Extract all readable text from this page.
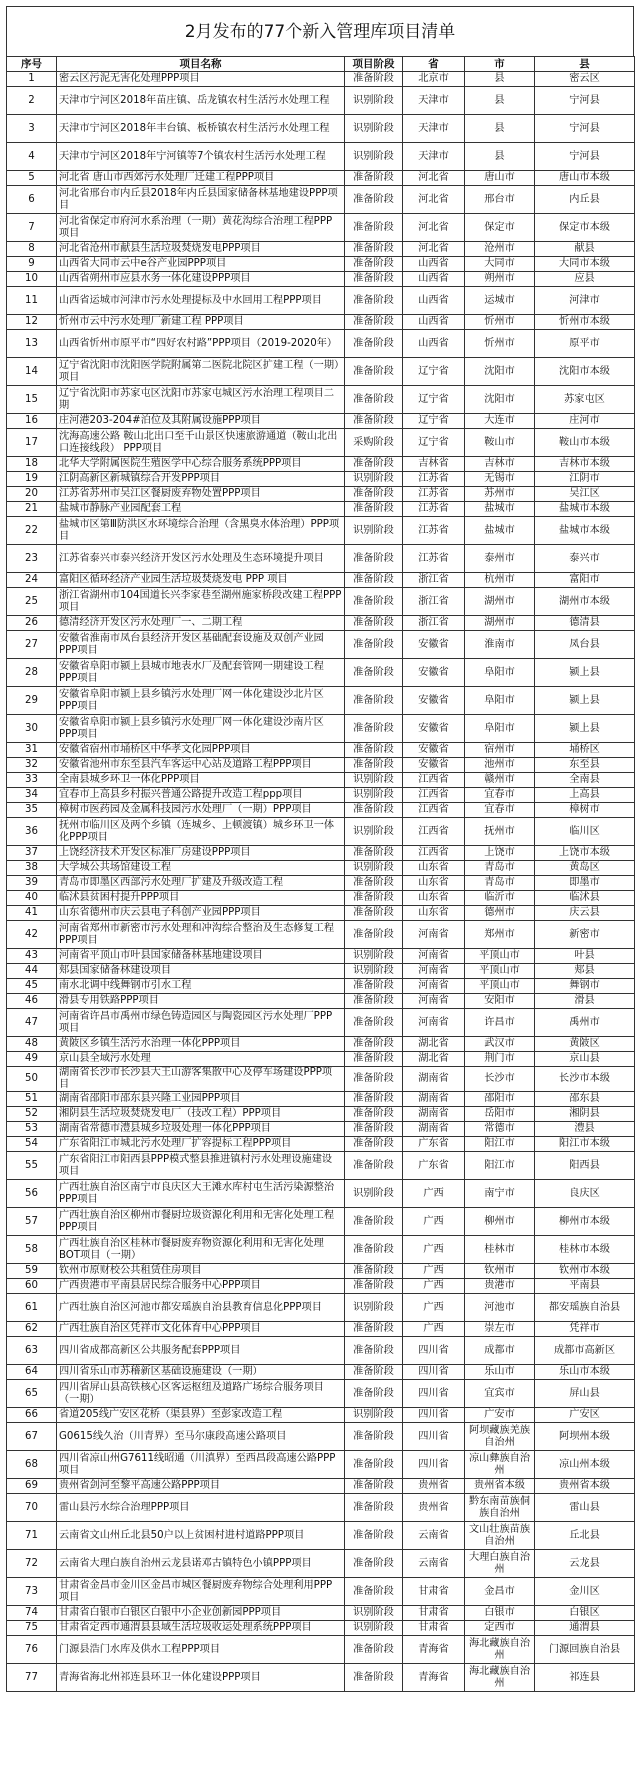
2月发布的77个新入管理库项目清单
序号	项目名称	项目阶段	省	市	县
1	密云区污泥无害化处理PPP项目	准备阶段	北京市	县	密云区
2	天津市宁河区2018年苗庄镇、岳龙镇农村生活污水处理工程	识别阶段	天津市	县	宁河县
3	天津市宁河区2018年丰台镇、板桥镇农村生活污水处理工程	识别阶段	天津市	县	宁河县
4	天津市宁河区2018年宁河镇等7个镇农村生活污水处理工程	识别阶段	天津市	县	宁河县
5	河北省 唐山市西郊污水处理厂迁建工程PPP项目	准备阶段	河北省	唐山市	唐山市本级
6	河北省邢台市内丘县2018年内丘县国家储备林基地建设PPP项目	准备阶段	河北省	邢台市	内丘县
7	河北省保定市府河水系治理（一期）黄花沟综合治理工程PPP项目	准备阶段	河北省	保定市	保定市本级
8	河北省沧州市献县生活垃圾焚烧发电PPP项目	准备阶段	河北省	沧州市	献县
9	山西省大同市云中e谷产业园PPP项目	准备阶段	山西省	大同市	大同市本级
10	山西省朔州市应县水务一体化建设PPP项目	准备阶段	山西省	朔州市	应县
11	山西省运城市河津市污水处理提标及中水回用工程PPP项目	准备阶段	山西省	运城市	河津市
12	忻州市云中污水处理厂新建工程 PPP项目	准备阶段	山西省	忻州市	忻州市本级
13	山西省忻州市原平市“四好农村路”PPP项目（2019-2020年）	准备阶段	山西省	忻州市	原平市
14	辽宁省沈阳市沈阳医学院附属第二医院北院区扩建工程（一期）项目	准备阶段	辽宁省	沈阳市	沈阳市本级
15	辽宁省沈阳市苏家屯区沈阳市苏家屯城区污水治理工程项目二期	准备阶段	辽宁省	沈阳市	苏家屯区
16	庄河港203-204#泊位及其附属设施PPP项目	准备阶段	辽宁省	大连市	庄河市
17	沈海高速公路 鞍山北出口至千山景区快速旅游通道（鞍山北出口连接线段） PPP项目	采购阶段	辽宁省	鞍山市	鞍山市本级
18	北华大学附属医院生殖医学中心综合服务系统PPP项目	准备阶段	吉林省	吉林市	吉林市本级
19	江阴高新区新城镇综合开发PPP项目	识别阶段	江苏省	无锡市	江阴市
20	江苏省苏州市吴江区餐厨废弃物处置PPP项目	准备阶段	江苏省	苏州市	吴江区
21	盐城市静脉产业园配套工程	准备阶段	江苏省	盐城市	盐城市本级
22	盐城市区第Ⅲ防洪区水环境综合治理（含黑臭水体治理）PPP项目	识别阶段	江苏省	盐城市	盐城市本级
23	江苏省泰兴市泰兴经济开发区污水处理及生态环境提升项目	准备阶段	江苏省	泰州市	泰兴市
24	富阳区循环经济产业园生活垃圾焚烧发电 PPP 项目	准备阶段	浙江省	杭州市	富阳市
25	浙江省湖州市104国道长兴李家巷至湖州施家桥段改建工程PPP项目	准备阶段	浙江省	湖州市	湖州市本级
26	德清经济开发区污水处理厂一、二期工程	准备阶段	浙江省	湖州市	德清县
27	安徽省淮南市凤台县经济开发区基础配套设施及双创产业园PPP项目	准备阶段	安徽省	淮南市	凤台县
28	安徽省阜阳市颍上县城市地表水厂及配套管网一期建设工程PPP项目	准备阶段	安徽省	阜阳市	颍上县
29	安徽省阜阳市颍上县乡镇污水处理厂网一体化建设沙北片区PPP项目	准备阶段	安徽省	阜阳市	颍上县
30	安徽省阜阳市颍上县乡镇污水处理厂网一体化建设沙南片区PPP项目	准备阶段	安徽省	阜阳市	颍上县
31	安徽省宿州市埇桥区中华孝文化园PPP项目	准备阶段	安徽省	宿州市	埇桥区
32	安徽省池州市东至县汽车客运中心站及道路工程PPP项目	准备阶段	安徽省	池州市	东至县
33	全南县城乡环卫一体化PPP项目	识别阶段	江西省	赣州市	全南县
34	宜春市上高县乡村振兴普通公路提升改造工程ppp项目	识别阶段	江西省	宜春市	上高县
35	樟树市医药园及金属科技园污水处理厂（一期）PPP项目	准备阶段	江西省	宜春市	樟树市
36	抚州市临川区及两个乡镇（连城乡、上顿渡镇）城乡环卫一体化PPP项目	识别阶段	江西省	抚州市	临川区
37	上饶经济技术开发区标准厂房建设PPP项目	准备阶段	江西省	上饶市	上饶市本级
38	大学城公共场馆建设工程	识别阶段	山东省	青岛市	黄岛区
39	青岛市即墨区西部污水处理厂扩建及升级改造工程	准备阶段	山东省	青岛市	即墨市
40	临沭县贫困村提升PPP项目	准备阶段	山东省	临沂市	临沭县
41	山东省德州市庆云县电子科创产业园PPP项目	准备阶段	山东省	德州市	庆云县
42	河南省郑州市新密市污水处理和冲沟综合整治及生态修复工程PPP项目	准备阶段	河南省	郑州市	新密市
43	河南省平顶山市叶县国家储备林基地建设项目	识别阶段	河南省	平顶山市	叶县
44	郏县国家储备林建设项目	识别阶段	河南省	平顶山市	郏县
45	南水北调中线舞钢市引水工程	准备阶段	河南省	平顶山市	舞钢市
46	滑县专用铁路PPP项目	准备阶段	河南省	安阳市	滑县
47	河南省许昌市禹州市绿色铸造园区与陶瓷园区污水处理厂PPP项目	准备阶段	河南省	许昌市	禹州市
48	黄陂区乡镇生活污水治理一体化PPP项目	准备阶段	湖北省	武汉市	黄陂区
49	京山县全域污水处理	准备阶段	湖北省	荆门市	京山县
50	湖南省长沙市长沙县大王山游客集散中心及停车场建设PPP项目	准备阶段	湖南省	长沙市	长沙市本级
51	湖南省邵阳市邵东县兴隆工业园PPP项目	准备阶段	湖南省	邵阳市	邵东县
52	湘阴县生活垃圾焚烧发电厂（技改工程）PPP项目	准备阶段	湖南省	岳阳市	湘阴县
53	湖南省常德市澧县城乡垃圾处理一体化PPP项目	准备阶段	湖南省	常德市	澧县
54	广东省阳江市城北污水处理厂扩容提标工程PPP项目	准备阶段	广东省	阳江市	阳江市本级
55	广东省阳江市阳西县PPP模式整县推进镇村污水处理设施建设项目	准备阶段	广东省	阳江市	阳西县
56	广西壮族自治区南宁市良庆区大王滩水库村屯生活污染源整治PPP项目	识别阶段	广西	南宁市	良庆区
57	广西壮族自治区柳州市餐厨垃圾资源化利用和无害化处理工程PPP项目	准备阶段	广西	柳州市	柳州市本级
58	广西壮族自治区桂林市餐厨废弃物资源化利用和无害化处理BOT项目（一期）	准备阶段	广西	桂林市	桂林市本级
59	钦州市原财校公共租赁住房项目	准备阶段	广西	钦州市	钦州市本级
60	广西贵港市平南县居民综合服务中心PPP项目	准备阶段	广西	贵港市	平南县
61	广西壮族自治区河池市都安瑶族自治县教育信息化PPP项目	识别阶段	广西	河池市	都安瑶族自治县
62	广西壮族自治区凭祥市文化体育中心PPP项目	准备阶段	广西	崇左市	凭祥市
63	四川省成都高新区公共服务配套PPP项目	准备阶段	四川省	成都市	成都市高新区
64	四川省乐山市苏稽新区基础设施建设（一期）	准备阶段	四川省	乐山市	乐山市本级
65	四川省屏山县高铁核心区客运枢纽及道路广场综合服务项目（一期）	准备阶段	四川省	宜宾市	屏山县
66	省道205线广安区花桥（渠县界）至彭家改造工程	识别阶段	四川省	广安市	广安区
67	G0615线久治（川青界）至马尔康段高速公路项目	准备阶段	四川省	阿坝藏族羌族自治州	阿坝州本级
68	四川省凉山州G7611线昭通（川滇界）至西昌段高速公路PPP项目	准备阶段	四川省	凉山彝族自治州	凉山州本级
69	贵州省剑河至黎平高速公路PPP项目	准备阶段	贵州省	贵州省本级	贵州省本级
70	雷山县污水综合治理PPP项目	准备阶段	贵州省	黔东南苗族侗族自治州	雷山县
71	云南省文山州丘北县50户以上贫困村进村道路PPP项目	准备阶段	云南省	文山壮族苗族自治州	丘北县
72	云南省大理白族自治州云龙县诺邓古镇特色小镇PPP项目	准备阶段	云南省	大理白族自治州	云龙县
73	甘肃省金昌市金川区金昌市城区餐厨废弃物综合处理利用PPP项目	准备阶段	甘肃省	金昌市	金川区
74	甘肃省白银市白银区白银中小企业创新园PPP项目	识别阶段	甘肃省	白银市	白银区
75	甘肃省定西市通渭县县域生活垃圾收运处理系统PPP项目	识别阶段	甘肃省	定西市	通渭县
76	门源县浩门水库及供水工程PPP项目	准备阶段	青海省	海北藏族自治州	门源回族自治县
77	青海省海北州祁连县环卫一体化建设PPP项目	准备阶段	青海省	海北藏族自治州	祁连县
